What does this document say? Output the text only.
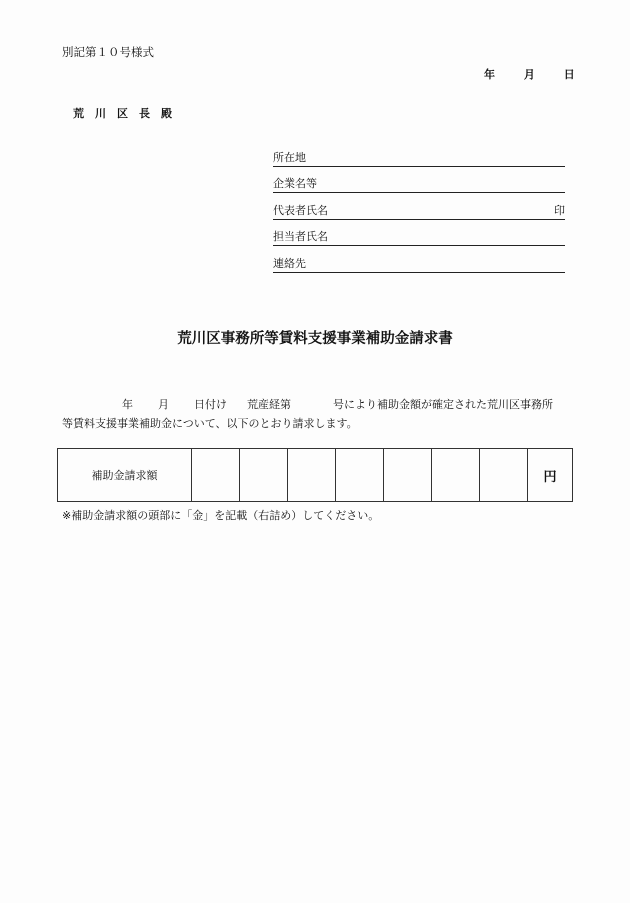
別記第１０号様式
年	月	日
荒川区長殿
所在地
企業名等
代表者氏名	印
担当者氏名
連絡先
荒川区事務所等賃料支援事業補助金請求書
年 月 日付け 荒産経第	号により補助金額が確定された荒川区事務所
等賃料支援事業補助金について、以下のとおり請求します。
補助金請求額								円
※補助金請求額の頭部に「金」を記載（右詰め）してください。
